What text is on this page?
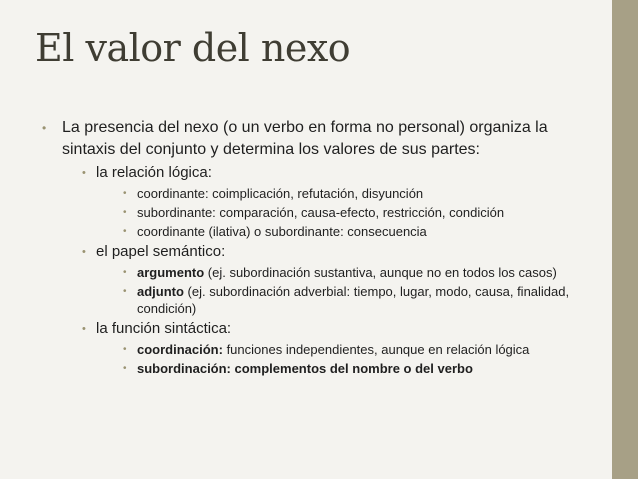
El valor del nexo
• La presencia del nexo (o un verbo en forma no personal) organiza la sintaxis del conjunto y determina los valores de sus partes:
• la relación lógica:
• coordinante: coimplicación, refutación, disyunción
• subordinante: comparación, causa-efecto, restricción, condición
• coordinante (ilativa) o subordinante: consecuencia
• el papel semántico:
• argumento (ej. subordinación sustantiva, aunque no en todos los casos)
• adjunto (ej. subordinación adverbial: tiempo, lugar, modo, causa, finalidad, condición)
• la función sintáctica:
• coordinación: funciones independientes, aunque en relación lógica
• subordinación: complementos del nombre o del verbo
